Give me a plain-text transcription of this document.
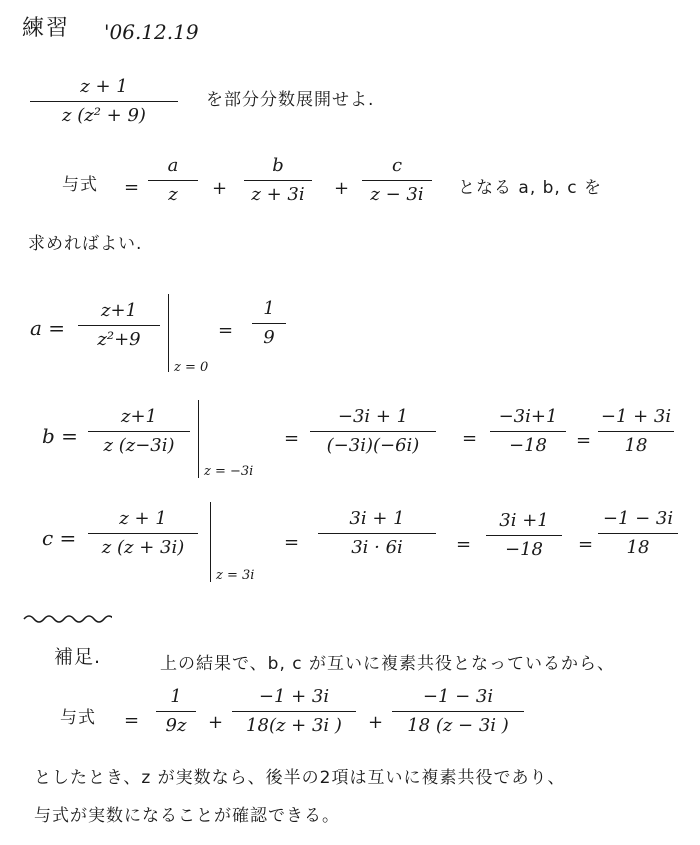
練習 '06.12.19
z + 1
z (z² + 9)
を部分分数展開せよ.
与式 =
a
z +
b
z + 3i +
c
z − 3i となる a, b, c を
求めればよい.
a =
z+1
z²+9
z = 0
=
1
9
b =
z+1
z (z−3i)
z = −3i
=
−3i + 1
(−3i)(−6i) =
−3i+1
−18 =
−1 + 3i
18
c =
z + 1
z (z + 3i)
z = 3i
=
3i + 1
3i · 6i	=
3i +1
−18 =
−1 − 3i
18
補足.	上の結果で、b, c が互いに複素共役となっているから、
与式 =
1
9z +
−1 + 3i
18(z + 3i ) +
−1 − 3i
18 (z − 3i )
としたとき、z が実数なら、後半の2項は互いに複素共役であり、
与式が実数になることが確認できる。
